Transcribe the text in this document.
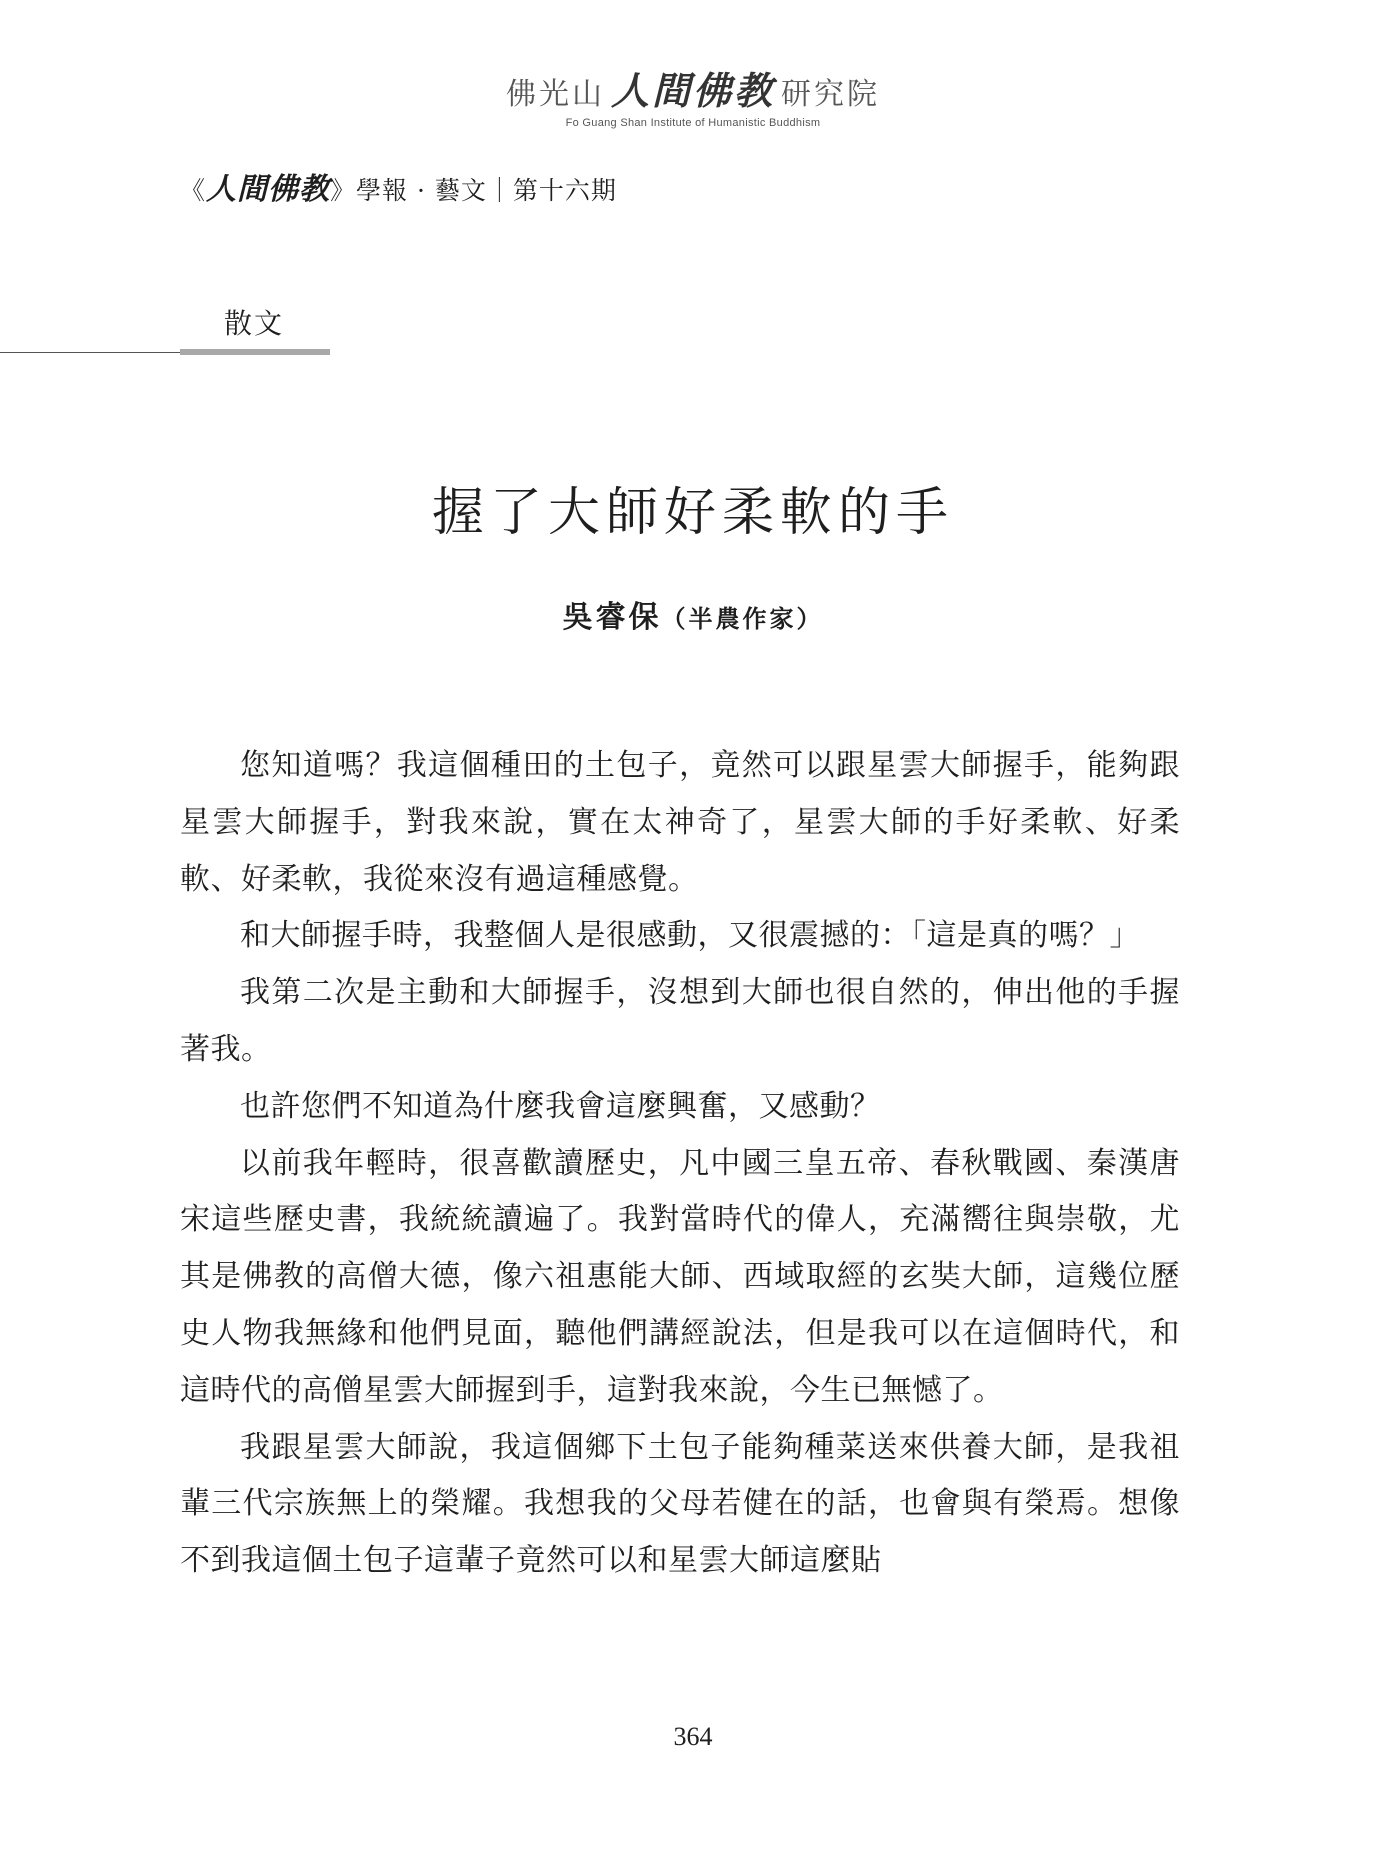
佛光山 人間佛教 研究院
Fo Guang Shan Institute of Humanistic Buddhism
《人間佛教》學報 · 藝文｜第十六期
散文
握了大師好柔軟的手
吳睿保（半農作家）

您知道嗎？我這個種田的土包子，竟然可以跟星雲大師握手，能夠跟星雲大師握手，對我來說，實在太神奇了，星雲大師的手好柔軟、好柔軟、好柔軟，我從來沒有過這種感覺。

和大師握手時，我整個人是很感動，又很震撼的：「這是真的嗎？」

我第二次是主動和大師握手，沒想到大師也很自然的，伸出他的手握著我。

也許您們不知道為什麼我會這麼興奮，又感動？

以前我年輕時，很喜歡讀歷史，凡中國三皇五帝、春秋戰國、秦漢唐宋這些歷史書，我統統讀遍了。我對當時代的偉人，充滿嚮往與崇敬，尤其是佛教的高僧大德，像六祖惠能大師、西域取經的玄奘大師，這幾位歷史人物我無緣和他們見面，聽他們講經說法，但是我可以在這個時代，和這時代的高僧星雲大師握到手，這對我來說，今生已無憾了。

我跟星雲大師說，我這個鄉下土包子能夠種菜送來供養大師，是我祖輩三代宗族無上的榮耀。我想我的父母若健在的話，也會與有榮焉。想像不到我這個土包子這輩子竟然可以和星雲大師這麼貼

364
